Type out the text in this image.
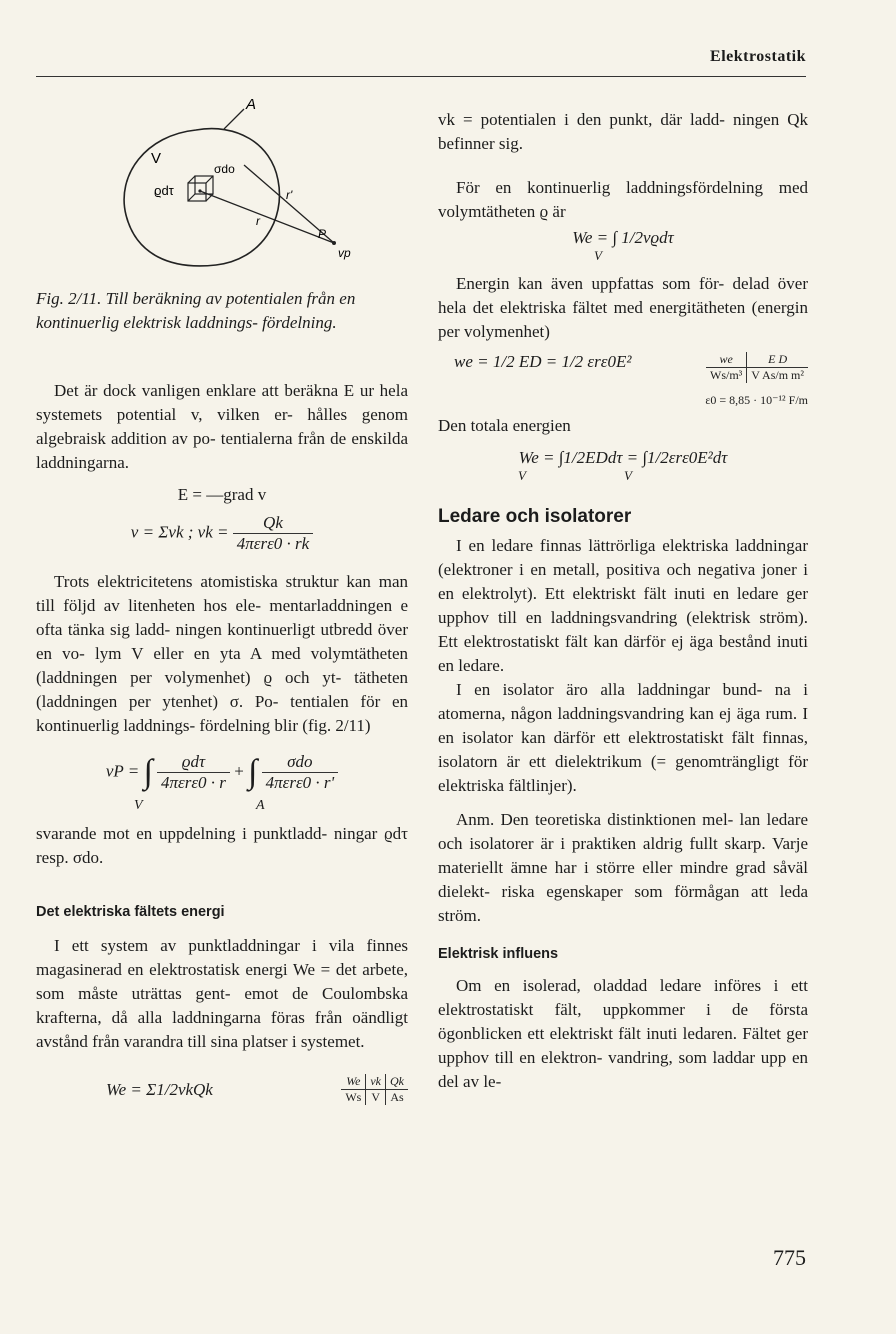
Elektrostatik
A
V
σdo
ϱdτ	r'
r
P
vp

Fig. 2/11. Till beräkning av potentialen från en kontinuerlig elektrisk laddnings- fördelning.

Det är dock vanligen enklare att beräkna E ur hela systemets potential v, vilken er- hålles genom algebraisk addition av po- tentialerna från de enskilda laddningarna.

E = —grad v
v = Σvk ; vk = $\frac{Qk}{\text{4πεrε0 · rk}}$

Trots elektricitetens atomistiska struktur kan man till följd av litenheten hos ele- mentarladdningen e ofta tänka sig ladd- ningen kontinuerligt utbredd över en vo- lym V eller en yta A med volymtätheten (laddningen per volymenhet) ϱ och yt- tätheten (laddningen per ytenhet) σ. Po- tentialen för en kontinuerlig laddnings- fördelning blir (fig. 2/11)

vP = ∫ $\frac{\text{ϱdτ}}{\text{4πεrε0 · r}}$ + ∫ $\frac{\text{σdo}}{\text{4πεrε0 · r'}}$
V	A

svarande mot en uppdelning i punktladd- ningar ϱdτ resp. σdo.

Det elektriska fältets energi

I ett system av punktladdningar i vila finnes magasinerad en elektrostatisk energi We = det arbete, som måste uträttas gent- emot de Coulombska krafterna, då alla laddningarna föras från oändligt avstånd från varandra till sina platser i systemet.

We = Σ1/2vkQk	We	vk	Qk
Ws	V	As

vk = potentialen i den punkt, där ladd- ningen Qk befinner sig.

För en kontinuerlig laddningsfördelning med volymtätheten ϱ är

We = ∫ 1/2vϱdτ
V

Energin kan även uppfattas som för- delad över hela det elektriska fältet med energitätheten (energin per volymenhet)

we = 1/2 ED = 1/2 εrε0E²	we	E D
Ws/m³	V As/m m²
ε0 = 8,85 · 10⁻¹² F/m

Den totala energien

We = ∫1/2EDdτ = ∫1/2εrε0E²dτ
V	V
Ledare och isolatorer

I en ledare finnas lättrörliga elektriska laddningar (elektroner i en metall, positiva och negativa joner i en elektrolyt). Ett elektriskt fält inuti en ledare ger upphov till en laddningsvandring (elektrisk ström). Ett elektrostatiskt fält kan därför ej äga bestånd inuti en ledare.

I en isolator äro alla laddningar bund- na i atomerna, någon laddningsvandring kan ej äga rum. I en isolator kan därför ett elektrostatiskt fält finnas, isolatorn är ett dielektrikum (= genomträngligt för elektriska fältlinjer).

Anm. Den teoretiska distinktionen mel- lan ledare och isolatorer är i praktiken aldrig fullt skarp. Varje materiellt ämne har i större eller mindre grad såväl dielekt- riska egenskaper som förmågan att leda ström.

Elektrisk influens

Om en isolerad, oladdad ledare införes i ett elektrostatiskt fält, uppkommer i de första ögonblicken ett elektriskt fält inuti ledaren. Fältet ger upphov till en elektron- vandring, som laddar upp en del av le-

775
